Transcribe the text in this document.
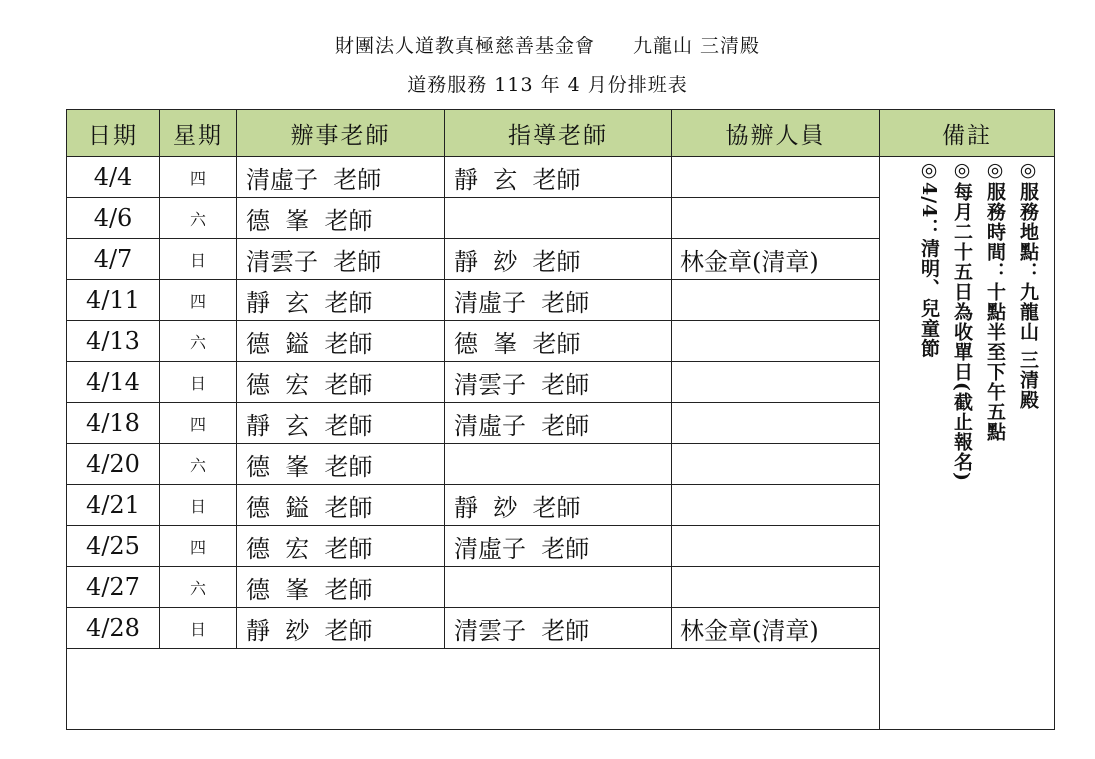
財團法人道教真極慈善基金會 九龍山 三清殿
道務服務 113 年 4 月份排班表
日期	星期	辦事老師	指導老師	協辦人員	備註
4/4	四	清虛子  老師	靜  玄  老師		◎服務地點：九龍山 三清殿
◎服務時間：十點半至下午五點
◎每月二十五日為收單日(截止報名)
◎4/4：清明、兒童節

4/6	六	德  峯  老師			
4/7	日	清雲子  老師	靜  玅  老師	林金章(清章)	
4/11	四	靜  玄  老師	清虛子  老師		
4/13	六	德  鎰  老師	德  峯  老師		
4/14	日	德  宏  老師	清雲子  老師		
4/18	四	靜  玄  老師	清虛子  老師		
4/20	六	德  峯  老師			
4/21	日	德  鎰  老師	靜  玅  老師		
4/25	四	德  宏  老師	清虛子  老師		
4/27	六	德  峯  老師			
4/28	日	靜  玅  老師	清雲子  老師	林金章(清章)	
